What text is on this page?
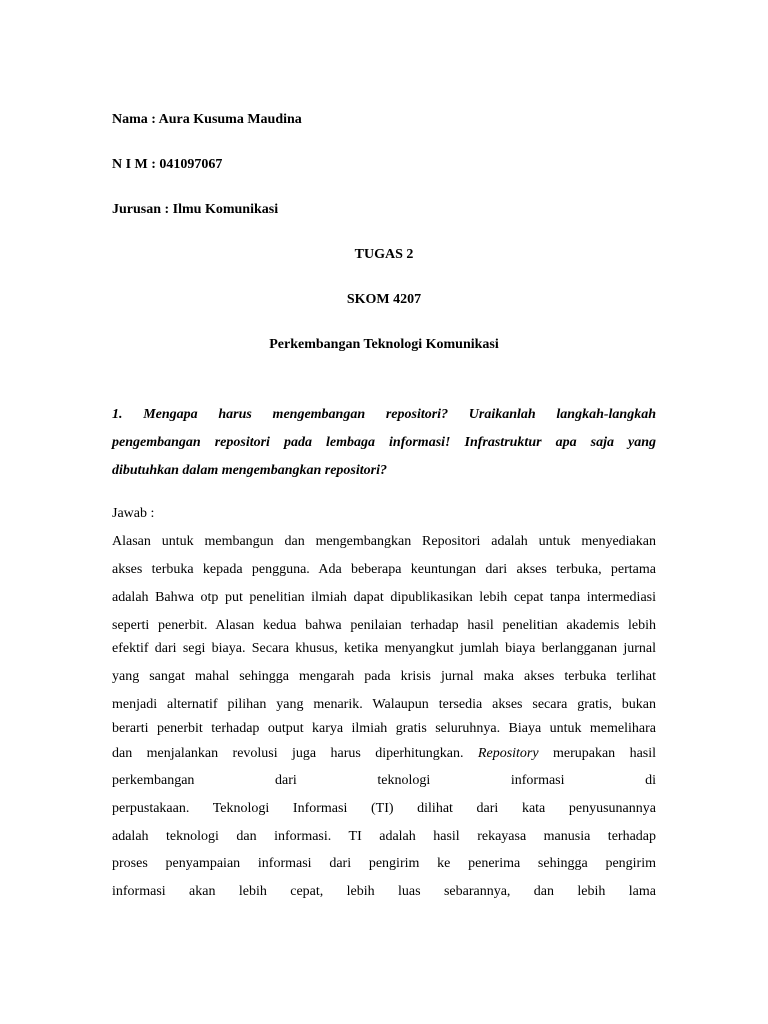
Nama : Aura Kusuma Maudina
N I M : 041097067
Jurusan : Ilmu Komunikasi
TUGAS 2
SKOM 4207
Perkembangan Teknologi Komunikasi
1. Mengapa harus mengembangan repositori? Uraikanlah langkah-langkah
pengembangan repositori pada lembaga informasi! Infrastruktur apa saja yang
dibutuhkan dalam mengembangkan repositori?
Jawab :
Alasan untuk membangun dan mengembangkan Repositori adalah untuk menyediakan
akses terbuka kepada pengguna. Ada beberapa keuntungan dari akses terbuka, pertama
adalah Bahwa otp put penelitian ilmiah dapat dipublikasikan lebih cepat tanpa intermediasi
seperti penerbit. Alasan kedua bahwa penilaian terhadap hasil penelitian akademis lebih
efektif dari segi biaya. Secara khusus, ketika menyangkut jumlah biaya berlangganan jurnal
yang sangat mahal sehingga mengarah pada krisis jurnal maka akses terbuka terlihat
menjadi alternatif pilihan yang menarik. Walaupun tersedia akses secara gratis, bukan
berarti penerbit terhadap output karya ilmiah gratis seluruhnya. Biaya untuk memelihara
dan menjalankan revolusi juga harus diperhitungkan. Repository merupakan hasil
perkembangan dari teknologi informasi di
perpustakaan. Teknologi Informasi (TI) dilihat dari kata penyusunannya
adalah teknologi dan informasi. TI adalah hasil rekayasa manusia terhadap
proses penyampaian informasi dari pengirim ke penerima sehingga pengirim
informasi akan lebih cepat, lebih luas sebarannya, dan lebih lama
